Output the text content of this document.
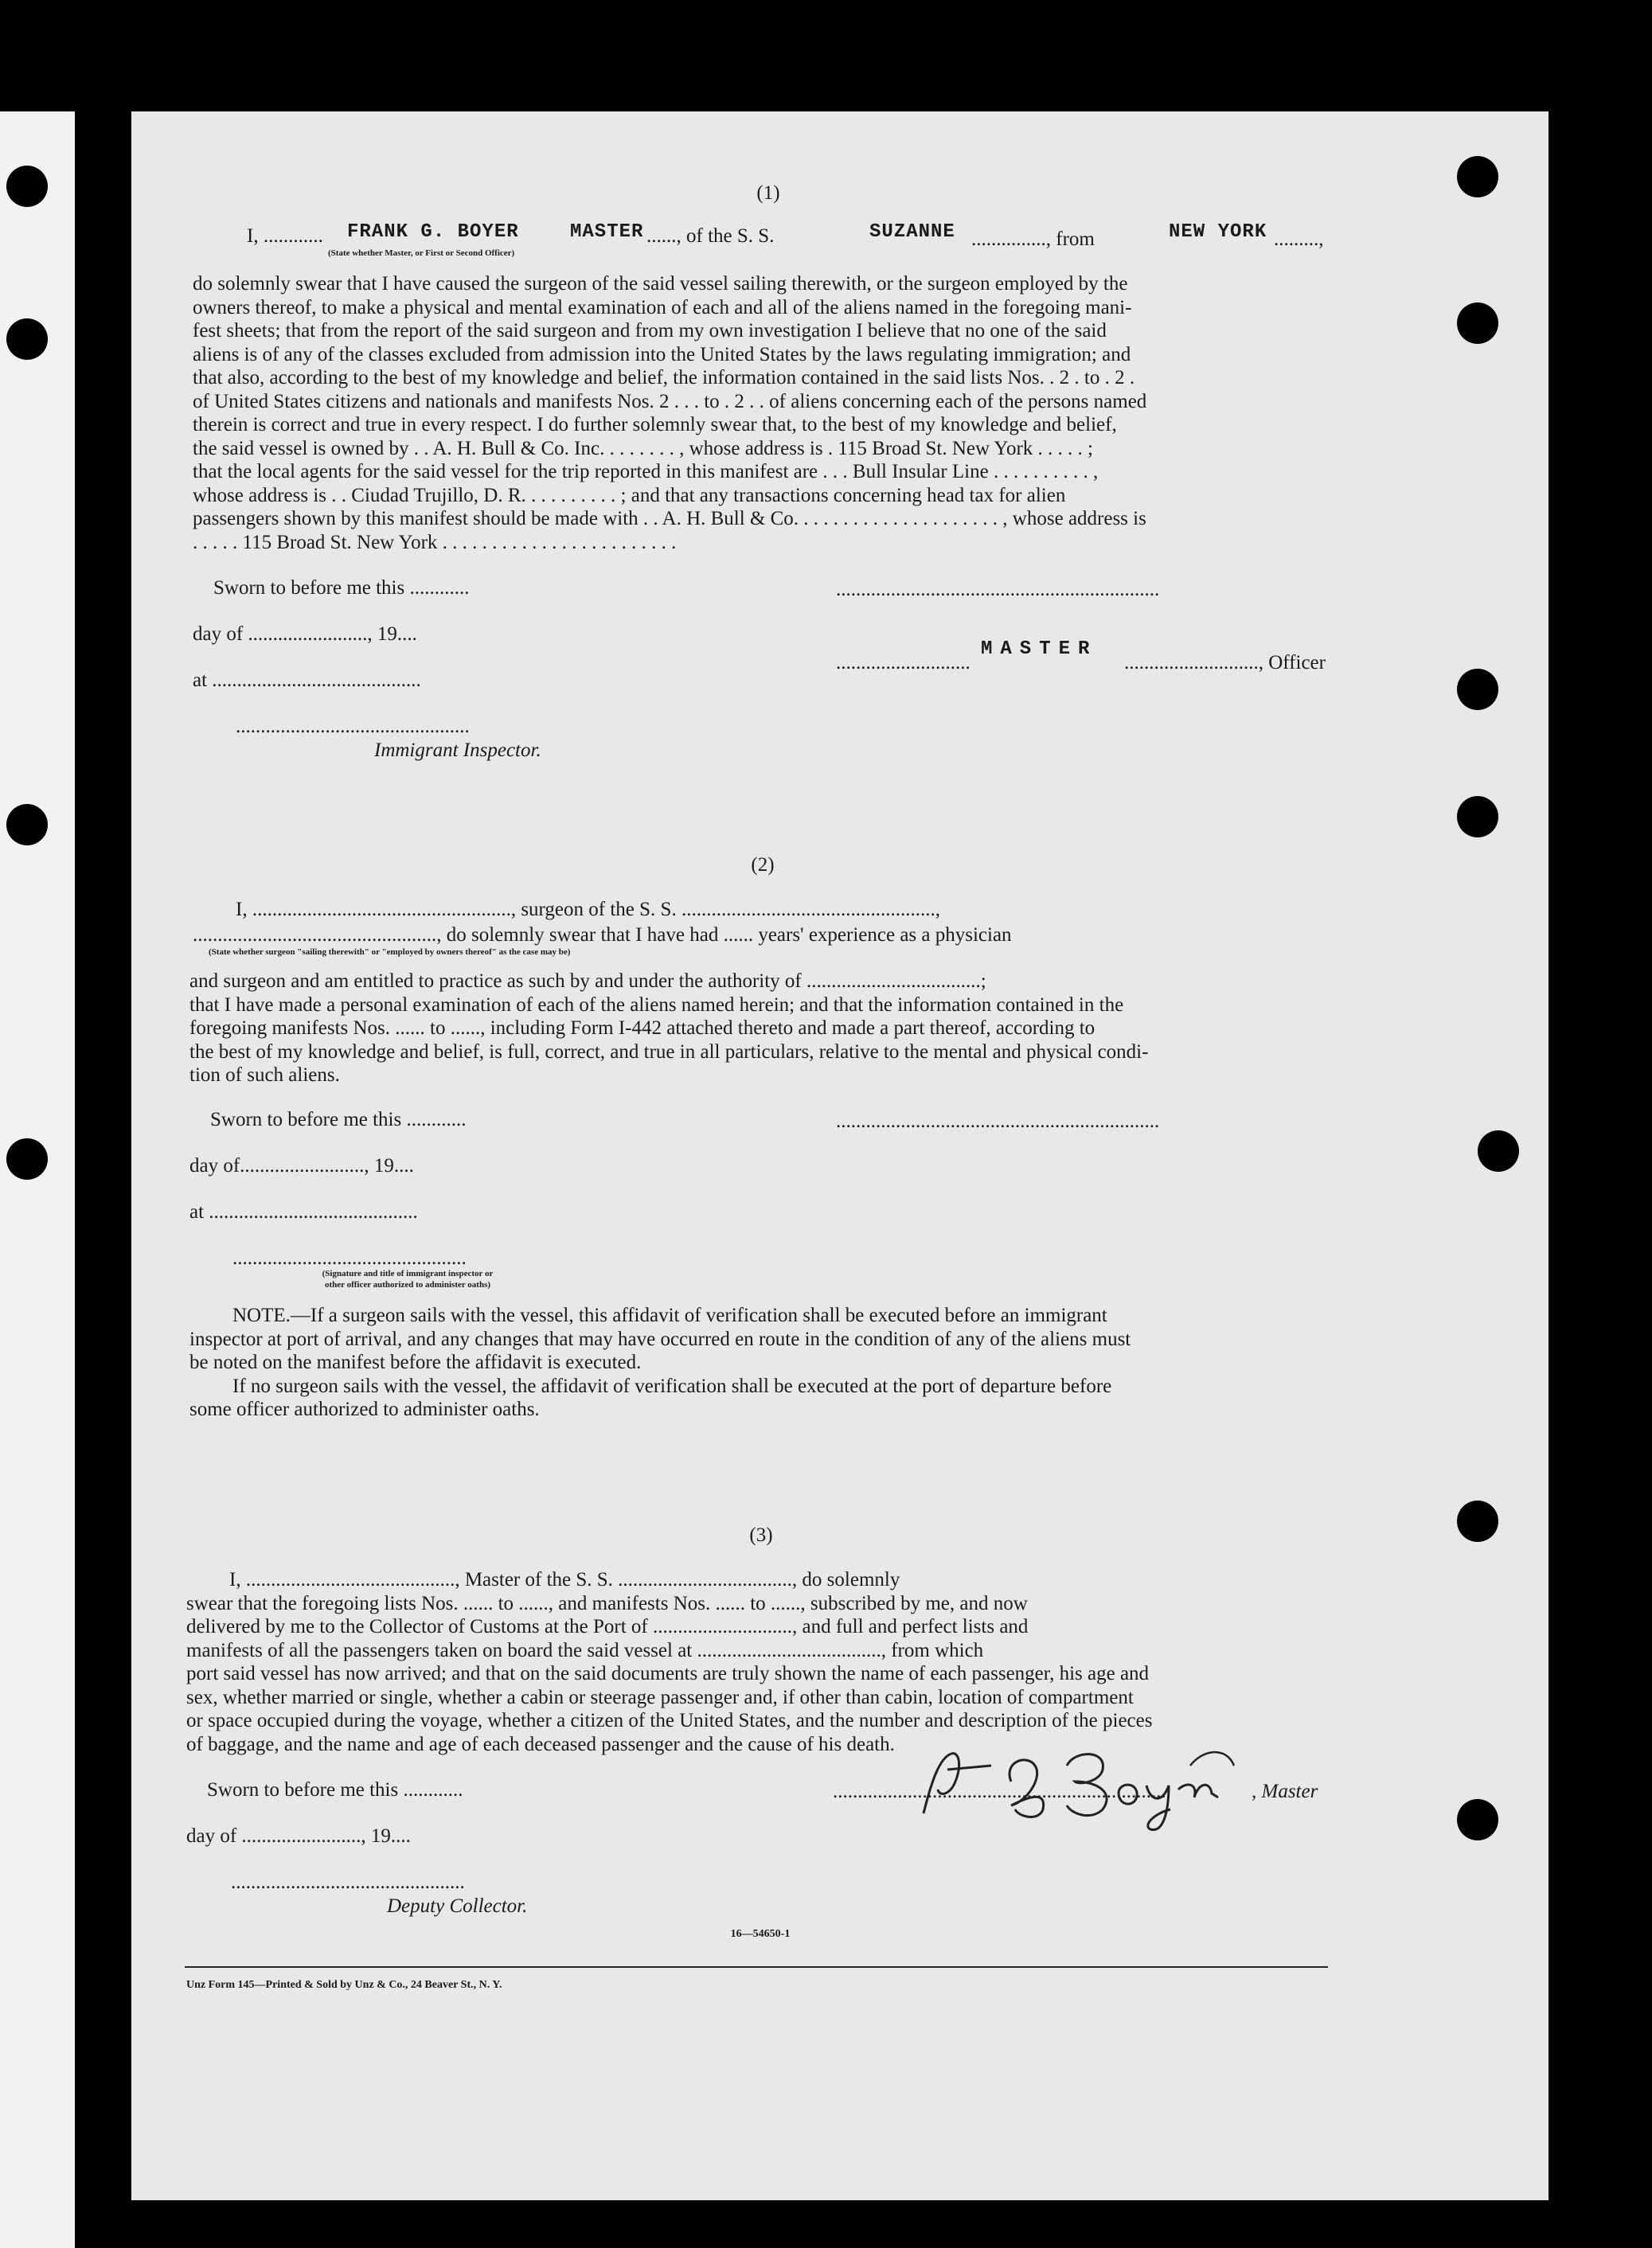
(1)
I, ............ FRANK G. BOYER	MASTER ......, of the S. S.	SUZANNE ..............., from	NEW YORK .........,
(State whether Master, or First or Second Officer)
do solemnly swear that I have caused the surgeon of the said vessel sailing therewith, or the surgeon employed by the
owners thereof, to make a physical and mental examination of each and all of the aliens named in the foregoing mani-
fest sheets; that from the report of the said surgeon and from my own investigation I believe that no one of the said
aliens is of any of the classes excluded from admission into the United States by the laws regulating immigration; and
that also, according to the best of my knowledge and belief, the information contained in the said lists Nos. . 2 . to . 2 .
of United States citizens and nationals and manifests Nos. 2 . . . to . 2 . . of aliens concerning each of the persons named
therein is correct and true in every respect. I do further solemnly swear that, to the best of my knowledge and belief,
the said vessel is owned by . . A. H. Bull & Co. Inc. . . . . . . . , whose address is . 115 Broad St. New York . . . . . ;
that the local agents for the said vessel for the trip reported in this manifest are . . . Bull Insular Line . . . . . . . . . . ,
whose address is . . Ciudad Trujillo, D. R. . . . . . . . . . ; and that any transactions concerning head tax for alien
passengers shown by this manifest should be made with . . A. H. Bull & Co. . . . . . . . . . . . . . . . . . . . . , whose address is
. . . . . 115 Broad St. New York . . . . . . . . . . . . . . . . . . . . . . . .
Sworn to before me this ............
day of ........................, 19....
at ..........................................
...............................................
Immigrant Inspector.
.................................................................
...........................
MASTER
..........................., Officer
(2)
I, ...................................................., surgeon of the S. S. ...................................................,
................................................., do solemnly swear that I have had ...... years' experience as a physician
(State whether surgeon "sailing therewith" or "employed by owners thereof" as the case may be)
and surgeon and am entitled to practice as such by and under the authority of ...................................;
that I have made a personal examination of each of the aliens named herein; and that the information contained in the
foregoing manifests Nos. ...... to ......, including Form I-442 attached thereto and made a part thereof, according to
the best of my knowledge and belief, is full, correct, and true in all particulars, relative to the mental and physical condi-
tion of such aliens.
Sworn to before me this ............
day of........................., 19....
at ..........................................
...............................................
(Signature and title of immigrant inspector or
other officer authorized to administer oaths)
.................................................................
NOTE.—If a surgeon sails with the vessel, this affidavit of verification shall be executed before an immigrant
inspector at port of arrival, and any changes that may have occurred en route in the condition of any of the aliens must
be noted on the manifest before the affidavit is executed.
If no surgeon sails with the vessel, the affidavit of verification shall be executed at the port of departure before
some officer authorized to administer oaths.
(3)
I, .........................................., Master of the S. S. ..................................., do solemnly
swear that the foregoing lists Nos. ...... to ......, and manifests Nos. ...... to ......, subscribed by me, and now
delivered by me to the Collector of Customs at the Port of ............................, and full and perfect lists and
manifests of all the passengers taken on board the said vessel at ....................................., from which
port said vessel has now arrived; and that on the said documents are truly shown the name of each passenger, his age and
sex, whether married or single, whether a cabin or steerage passenger and, if other than cabin, location of compartment
or space occupied during the voyage, whether a citizen of the United States, and the number and description of the pieces
of baggage, and the name and age of each deceased passenger and the cause of his death.
Sworn to before me this ............
day of ........................, 19....
...............................................
Deputy Collector.
...................................................................	, Master
16—54650-1
Unz Form 145—Printed & Sold by Unz & Co., 24 Beaver St., N. Y.
